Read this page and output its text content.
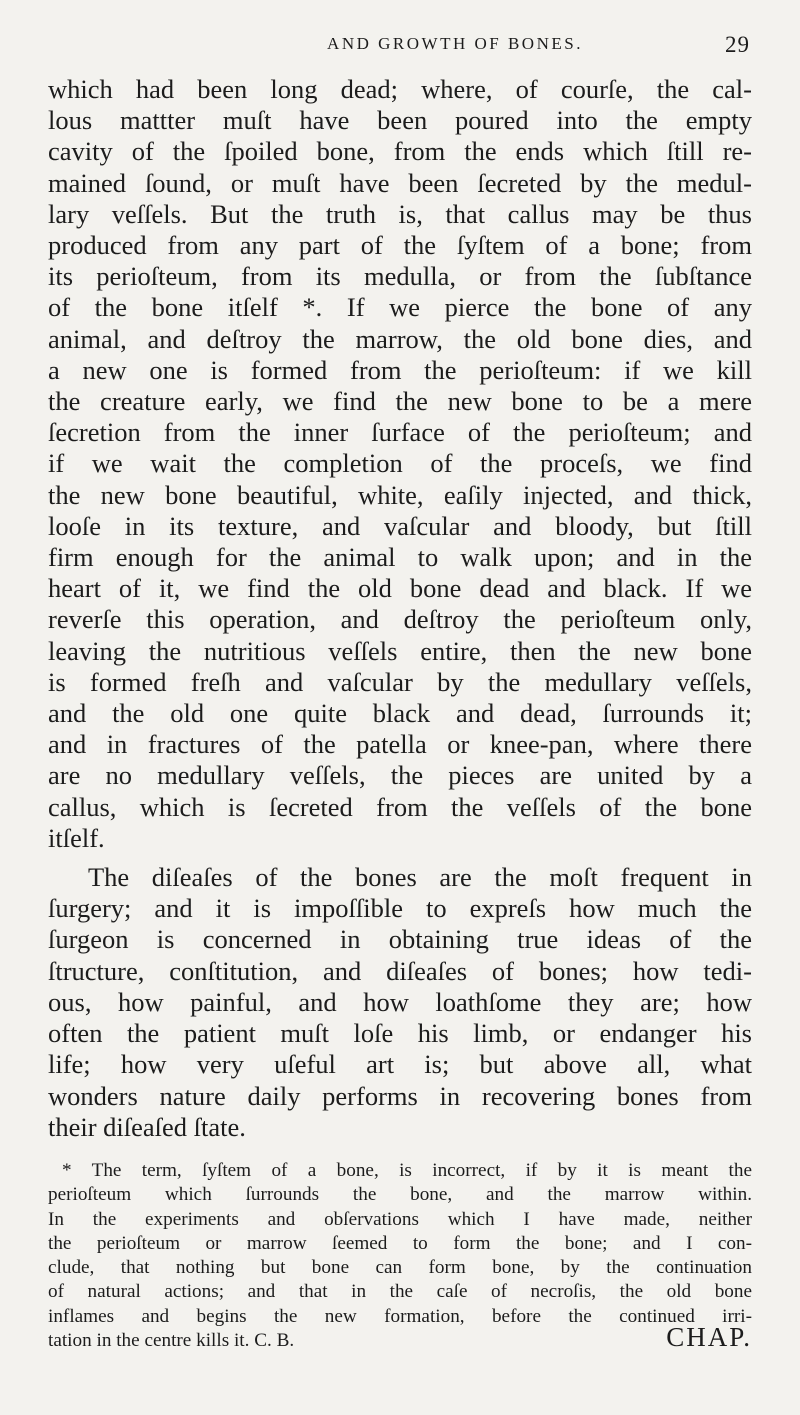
AND GROWTH OF BONES.	29

which had been long dead; where, of courſe, the cal-
lous mattter muſt have been poured into the empty
cavity of the ſpoiled bone, from the ends which ſtill re-
mained ſound, or muſt have been ſecreted by the medul-
lary veſſels. But the truth is, that callus may be thus
produced from any part of the ſyſtem of a bone; from
its perioſteum, from its medulla, or from the ſubſtance
of the bone itſelf *. If we pierce the bone of any
animal, and deſtroy the marrow, the old bone dies, and
a new one is formed from the perioſteum: if we kill
the creature early, we find the new bone to be a mere
ſecretion from the inner ſurface of the perioſteum; and
if we wait the completion of the proceſs, we find
the new bone beautiful, white, eaſily injected, and thick,
looſe in its texture, and vaſcular and bloody, but ſtill
firm enough for the animal to walk upon; and in the
heart of it, we find the old bone dead and black. If we
reverſe this operation, and deſtroy the perioſteum only,
leaving the nutritious veſſels entire, then the new bone
is formed freſh and vaſcular by the medullary veſſels,
and the old one quite black and dead, ſurrounds it;
and in fractures of the patella or knee-pan, where there
are no medullary veſſels, the pieces are united by a
callus, which is ſecreted from the veſſels of the bone
itſelf.

The diſeaſes of the bones are the moſt frequent in
ſurgery; and it is impoſſible to expreſs how much the
ſurgeon is concerned in obtaining true ideas of the
ſtructure, conſtitution, and diſeaſes of bones; how tedi-
ous, how painful, and how loathſome they are; how
often the patient muſt loſe his limb, or endanger his
life; how very uſeful art is; but above all, what
wonders nature daily performs in recovering bones from
their diſeaſed ſtate.

* The term, ſyſtem of a bone, is incorrect, if by it is meant the
perioſteum which ſurrounds the bone, and the marrow within.
In the experiments and obſervations which I have made, neither
the perioſteum or marrow ſeemed to form the bone; and I con-
clude, that nothing but bone can form bone, by the continuation
of natural actions; and that in the caſe of necroſis, the old bone
inflames and begins the new formation, before the continued irri-
tation in the centre kills it. C. B.	CHAP.
